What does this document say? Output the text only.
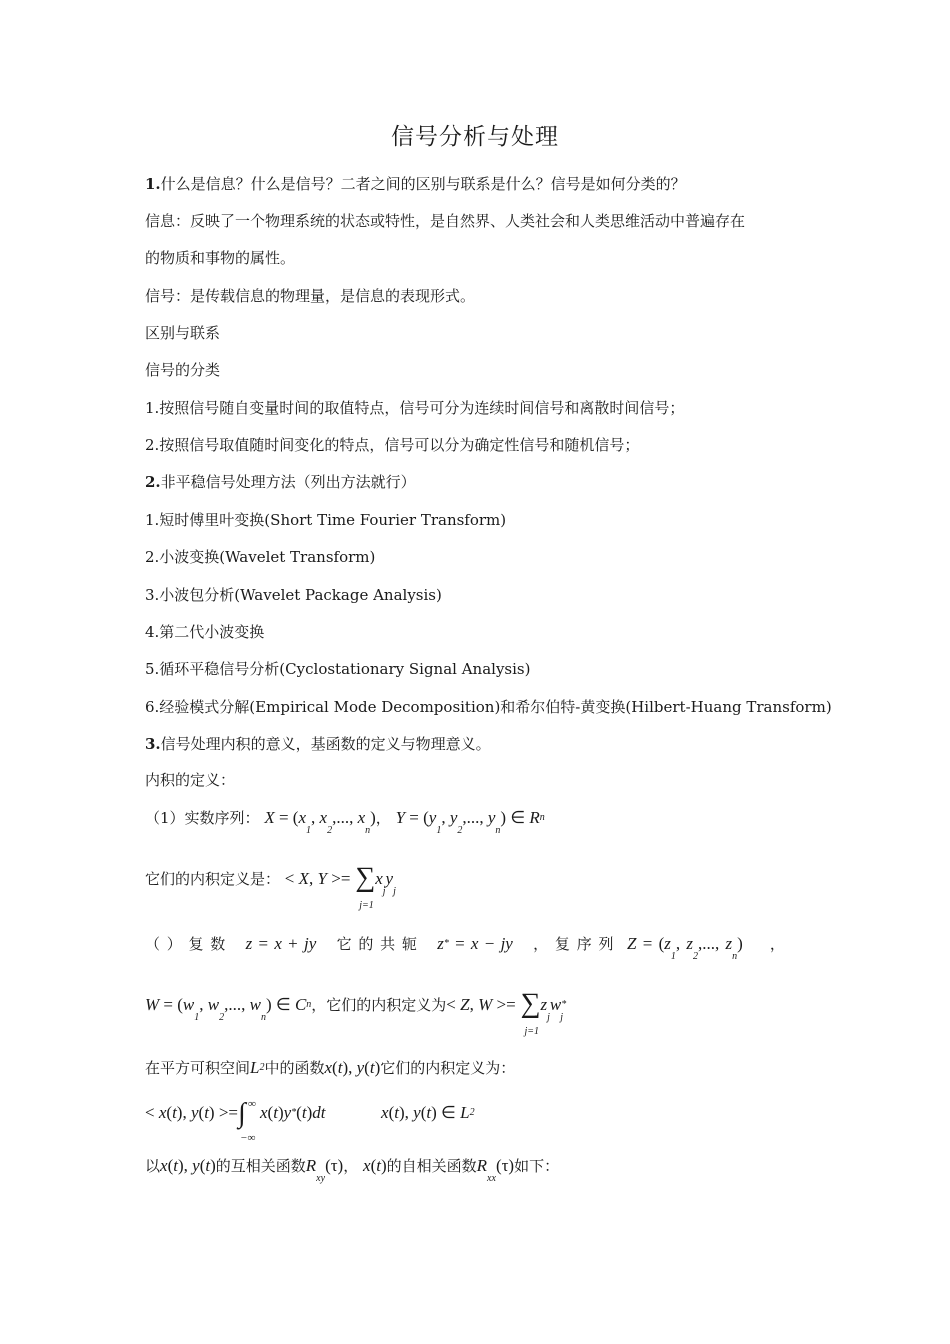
信号分析与处理
1.什么是信息？什么是信号？二者之间的区别与联系是什么？信号是如何分类的？
信息：反映了一个物理系统的状态或特性，是自然界、人类社会和人类思维活动中普遍存在
的物质和事物的属性。
信号：是传载信息的物理量，是信息的表现形式。
区别与联系
信号的分类
1.按照信号随自变量时间的取值特点，信号可分为连续时间信号和离散时间信号；
2.按照信号取值随时间变化的特点，信号可以分为确定性信号和随机信号；
2.非平稳信号处理方法（列出方法就行）
1.短时傅里叶变换(Short Time Fourier Transform)
2.小波变换(Wavelet Transform)
3.小波包分析(Wavelet Package Analysis)
4.第二代小波变换
5.循环平稳信号分析(Cyclostationary Signal Analysis)
6.经验模式分解(Empirical Mode Decomposition)和希尔伯特-黄变换(Hilbert-Huang Transform)
3.信号处理内积的意义，基函数的定义与物理意义。
内积的定义：
（1）实数序列： $X = (x_1$, $x_2$,..., $x_n$)， $Y = (y_1$, $y_2$,..., $y_n$) ∈ $R^n$
它们的内积定义是： < X, Y >= ∑
j=1
$x_jy_j$
（ ） 复 数 z = x + jy 它 的 共 轭 z* = x − jy ， 复 序 列 $Z = (z_1$, $z_2$,..., $z_n$) ，
$W = (w_1$, $w_2$,..., $w_n$) ∈ $C^n$，它们的内积定义为< Z, W >= ∑
j=1
$z_jw^*_j$
在平方可积空间$L^2$中的函数x(t), y(t)它们的内积定义为：
< x(t), y(t) >=∫ ∞
−∞
x(t)y*(t)dt	x(t), y(t) ∈ $L^2$
以x(t), y(t)的互相关函数$R_{xy}(\tau)$， x(t)的自相关函数$R_{xx}(\tau)$如下：
